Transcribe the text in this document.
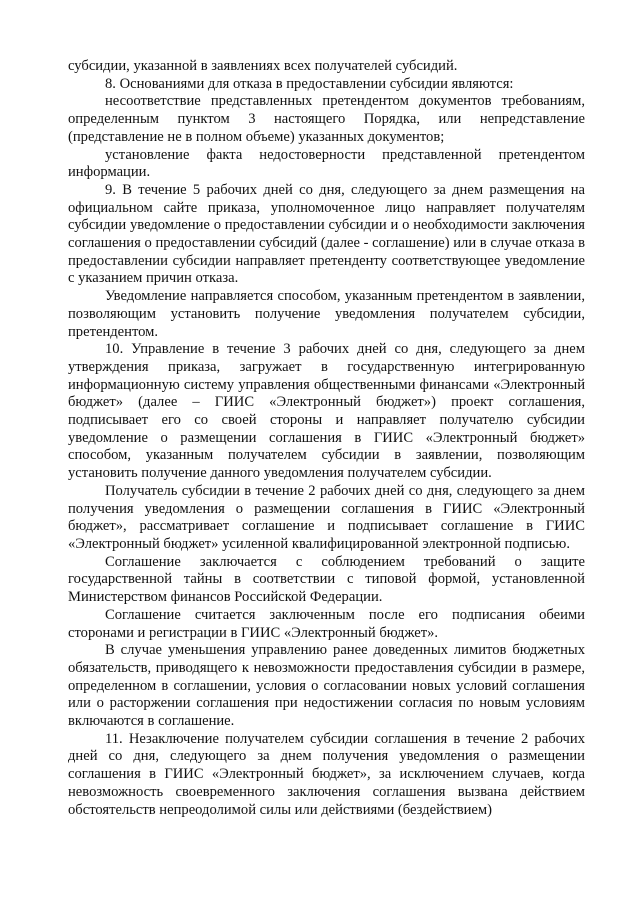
субсидии, указанной в заявлениях всех получателей субсидий.

8. Основаниями для отказа в предоставлении субсидии являются:

несоответствие представленных претендентом документов требованиям, определенным пунктом 3 настоящего Порядка, или непредставление (представление не в полном объеме) указанных документов;

установление факта недостоверности представленной претендентом информации.

9. В течение 5 рабочих дней со дня, следующего за днем размещения на официальном сайте приказа, уполномоченное лицо направляет получателям субсидии уведомление о предоставлении субсидии и о необходимости заключения соглашения о предоставлении субсидий (далее - соглашение) или в случае отказа в предоставлении субсидии направляет претенденту соответствующее уведомление с указанием причин отказа.

Уведомление направляется способом, указанным претендентом в заявлении, позволяющим установить получение уведомления получателем субсидии, претендентом.

10. Управление в течение 3 рабочих дней со дня, следующего за днем утверждения приказа, загружает в государственную интегрированную информационную систему управления общественными финансами «Электронный бюджет» (далее – ГИИС «Электронный бюджет») проект соглашения, подписывает его со своей стороны и направляет получателю субсидии уведомление о размещении соглашения в ГИИС «Электронный бюджет» способом, указанным получателем субсидии в заявлении, позволяющим установить получение данного уведомления получателем субсидии.

Получатель субсидии в течение 2 рабочих дней со дня, следующего за днем получения уведомления о размещении соглашения в ГИИС «Электронный бюджет», рассматривает соглашение и подписывает соглашение в ГИИС «Электронный бюджет» усиленной квалифицированной электронной подписью.

Соглашение заключается с соблюдением требований о защите государственной тайны в соответствии с типовой формой, установленной Министерством финансов Российской Федерации.

Соглашение считается заключенным после его подписания обеими сторонами и регистрации в ГИИС «Электронный бюджет».

В случае уменьшения управлению ранее доведенных лимитов бюджетных обязательств, приводящего к невозможности предоставления субсидии в размере, определенном в соглашении, условия о согласовании новых условий соглашения или о расторжении соглашения при недостижении согласия по новым условиям включаются в соглашение.

11. Незаключение получателем субсидии соглашения в течение 2 рабочих дней со дня, следующего за днем получения уведомления о размещении соглашения в ГИИС «Электронный бюджет», за исключением случаев, когда невозможность своевременного заключения соглашения вызвана действием обстоятельств непреодолимой силы или действиями (бездействием)
